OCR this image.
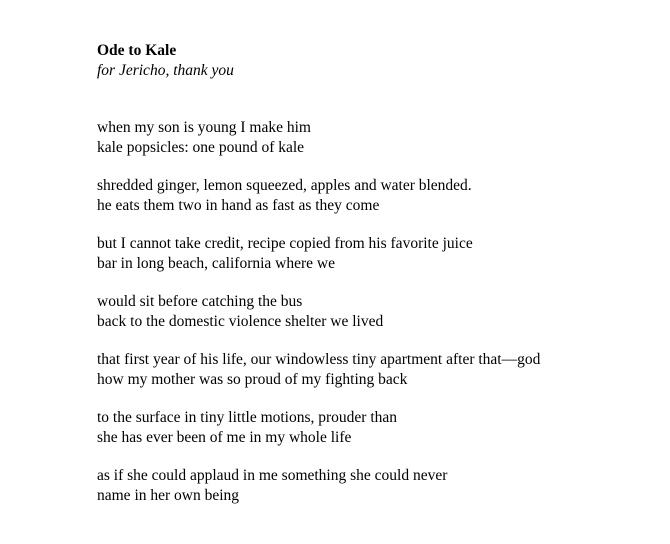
Ode to Kale

for Jericho, thank you

when my son is young I make him
kale popsicles: one pound of kale
shredded ginger, lemon squeezed, apples and water blended.
he eats them two in hand as fast as they come
but I cannot take credit, recipe copied from his favorite juice
bar in long beach, california where we
would sit before catching the bus
back to the domestic violence shelter we lived
that first year of his life, our windowless tiny apartment after that—god
how my mother was so proud of my fighting back
to the surface in tiny little motions, prouder than
she has ever been of me in my whole life
as if she could applaud in me something she could never
name in her own being
